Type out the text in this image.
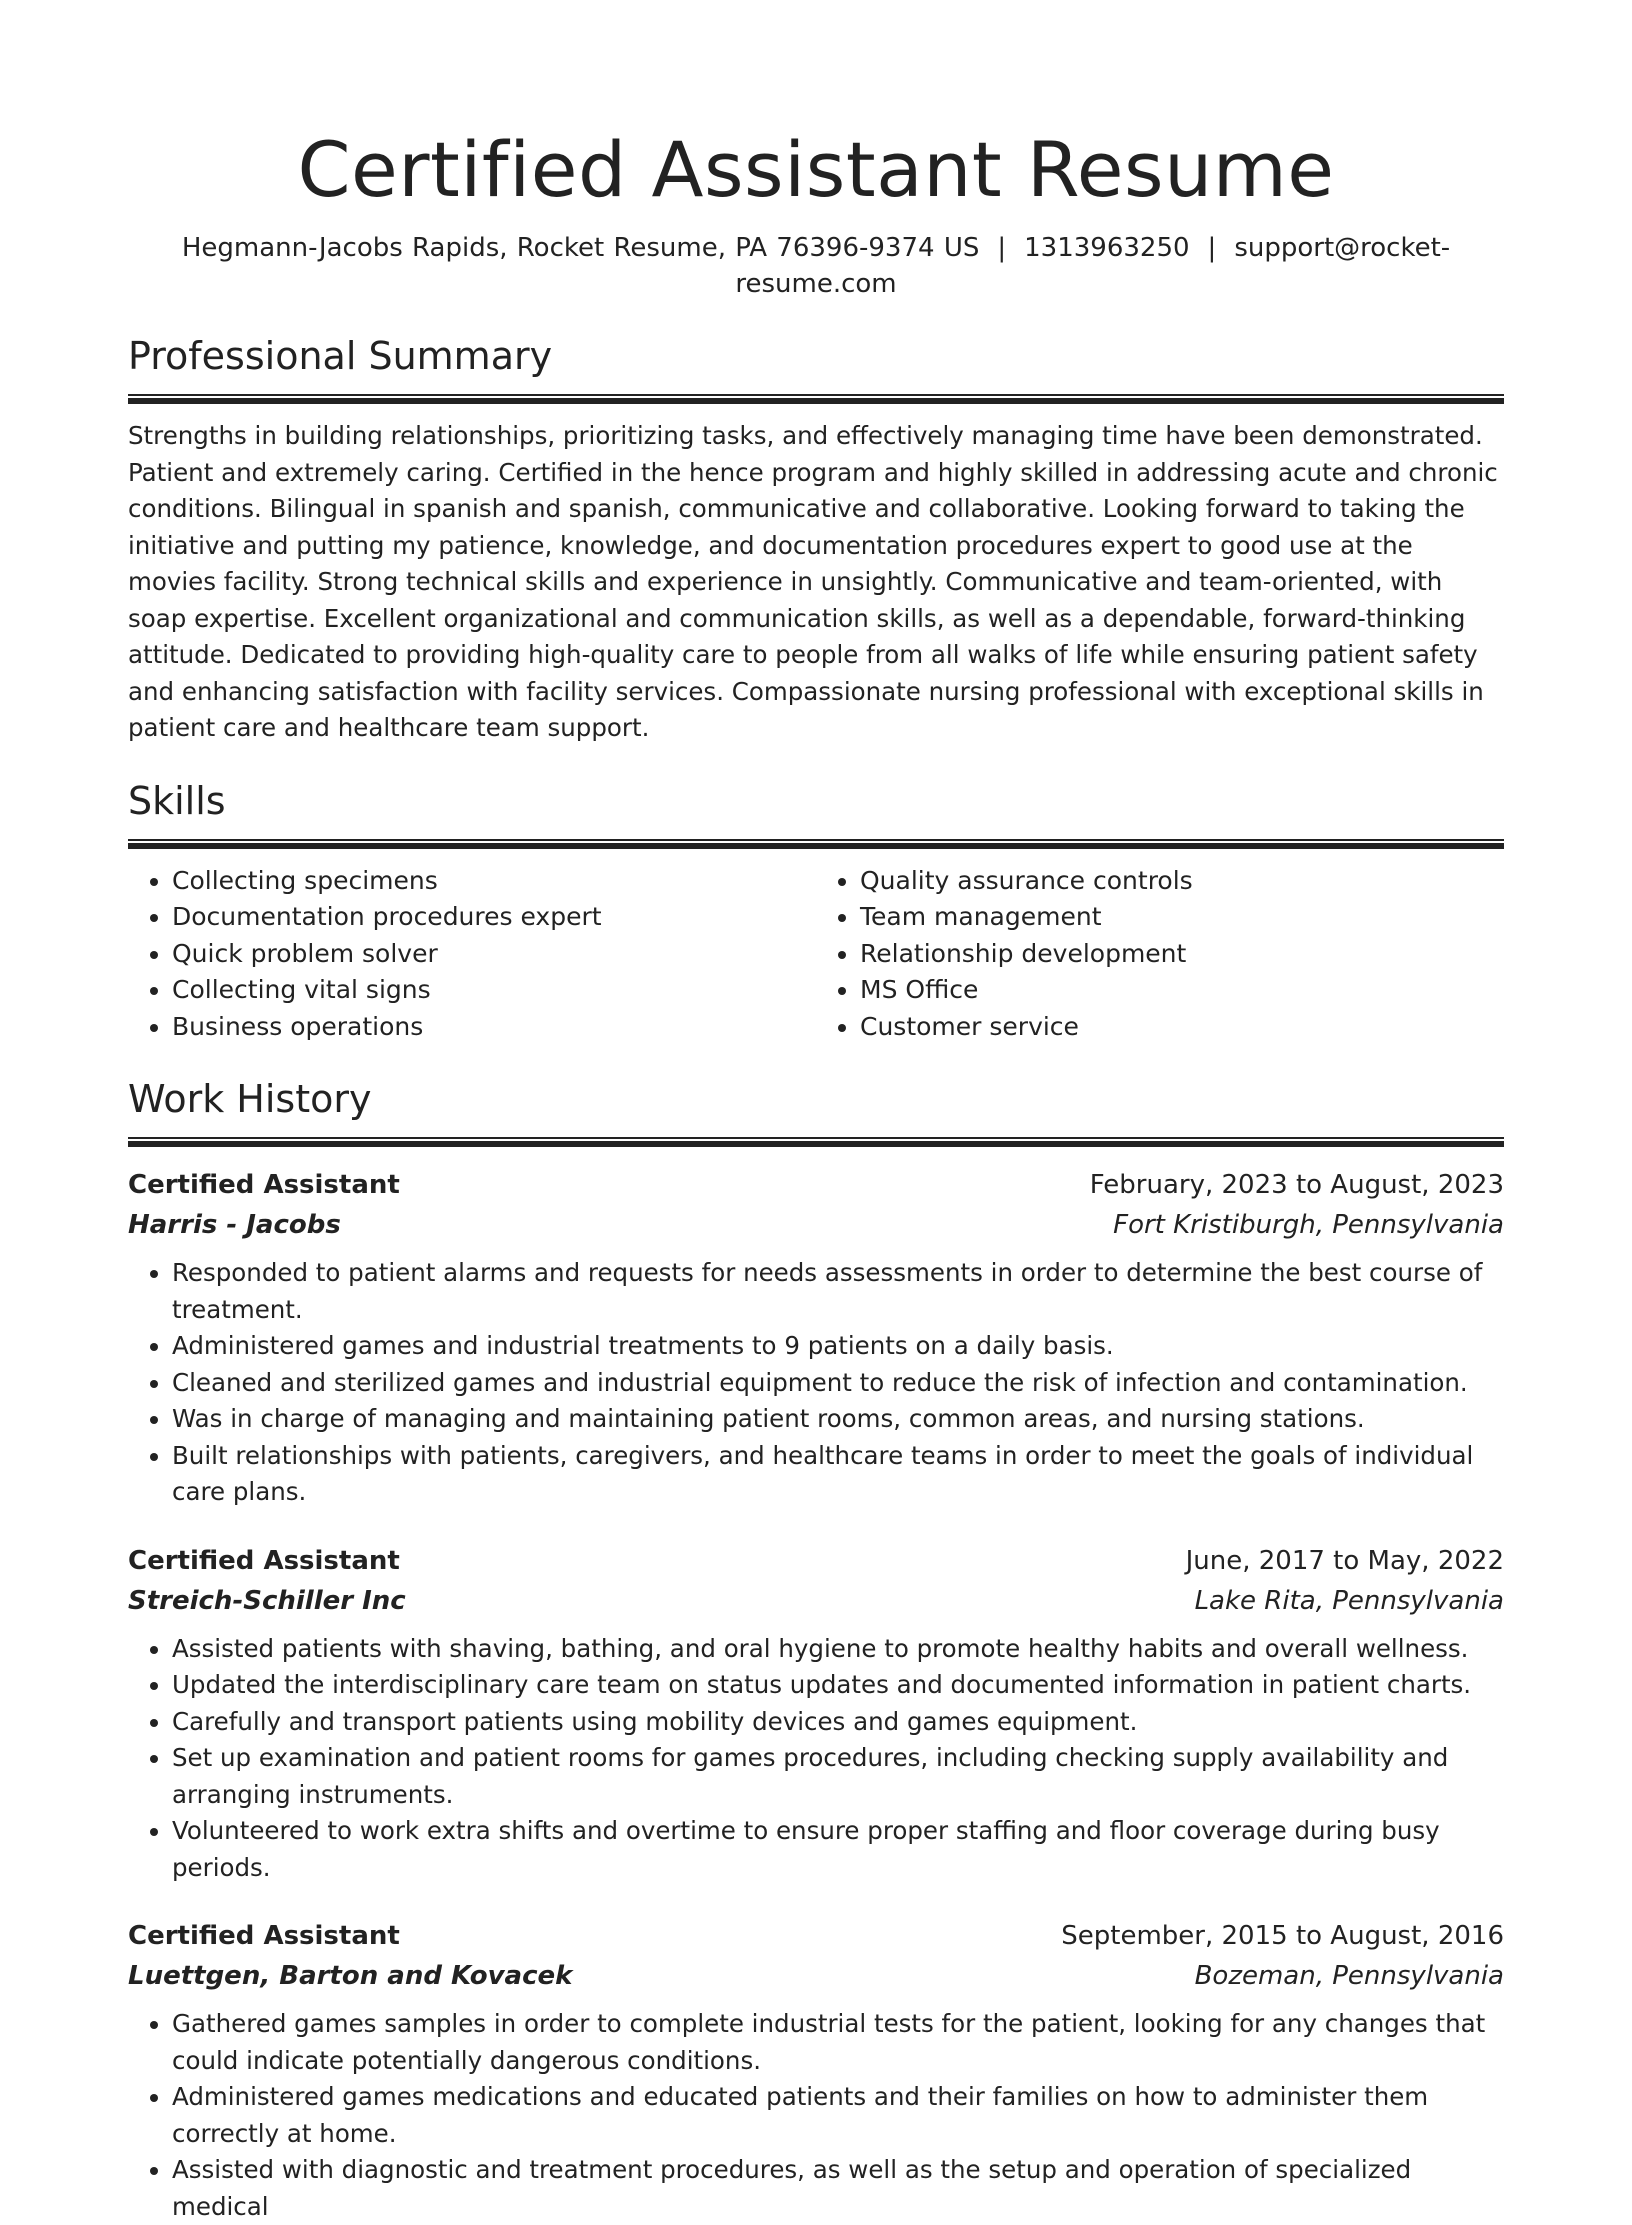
Certified Assistant Resume
Hegmann-Jacobs Rapids, Rocket Resume, PA 76396-9374 US | 1313963250 | support@rocket-resume.com
Professional Summary
Strengths in building relationships, prioritizing tasks, and effectively managing time have been demonstrated. Patient and extremely caring. Certified in the hence program and highly skilled in addressing acute and chronic conditions. Bilingual in spanish and spanish, communicative and collaborative. Looking forward to taking the initiative and putting my patience, knowledge, and documentation procedures expert to good use at the movies facility. Strong technical skills and experience in unsightly. Communicative and team-oriented, with soap expertise. Excellent organizational and communication skills, as well as a dependable, forward-thinking attitude. Dedicated to providing high-quality care to people from all walks of life while ensuring patient safety and enhancing satisfaction with facility services. Compassionate nursing professional with exceptional skills in patient care and healthcare team support.
Skills
• Collecting specimens
• Documentation procedures expert
• Quick problem solver
• Collecting vital signs
• Business operations
• Quality assurance controls
• Team management
• Relationship development
• MS Office
• Customer service
Work History
Certified Assistant	February, 2023 to August, 2023
Harris - Jacobs	Fort Kristiburgh, Pennsylvania
• Responded to patient alarms and requests for needs assessments in order to determine the best course of treatment.
• Administered games and industrial treatments to 9 patients on a daily basis.
• Cleaned and sterilized games and industrial equipment to reduce the risk of infection and contamination.
• Was in charge of managing and maintaining patient rooms, common areas, and nursing stations.
• Built relationships with patients, caregivers, and healthcare teams in order to meet the goals of individual care plans.
Certified Assistant	June, 2017 to May, 2022
Streich-Schiller Inc	Lake Rita, Pennsylvania
• Assisted patients with shaving, bathing, and oral hygiene to promote healthy habits and overall wellness.
• Updated the interdisciplinary care team on status updates and documented information in patient charts.
• Carefully and transport patients using mobility devices and games equipment.
• Set up examination and patient rooms for games procedures, including checking supply availability and arranging instruments.
• Volunteered to work extra shifts and overtime to ensure proper staffing and floor coverage during busy periods.
Certified Assistant	September, 2015 to August, 2016
Luettgen, Barton and Kovacek	Bozeman, Pennsylvania
• Gathered games samples in order to complete industrial tests for the patient, looking for any changes that could indicate potentially dangerous conditions.
• Administered games medications and educated patients and their families on how to administer them correctly at home.
• Assisted with diagnostic and treatment procedures, as well as the setup and operation of specialized medical
